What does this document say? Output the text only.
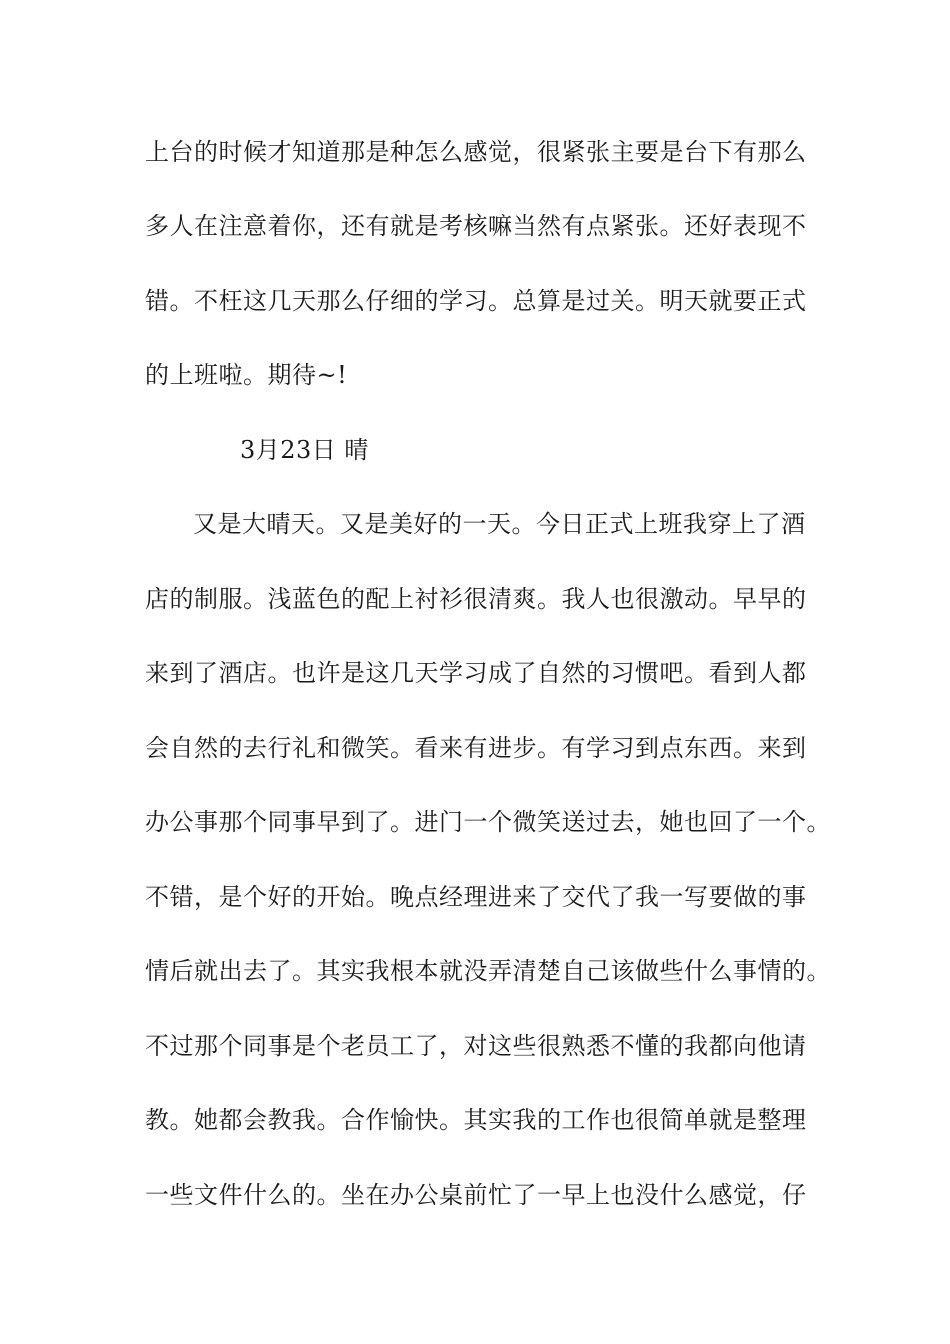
上台的时候才知道那是种怎么感觉，很紧张主要是台下有那么
多人在注意着你，还有就是考核嘛当然有点紧张。还好表现不
错。不枉这几天那么仔细的学习。总算是过关。明天就要正式
的上班啦。期待~!
3月23日 晴
又是大晴天。又是美好的一天。今日正式上班我穿上了酒
店的制服。浅蓝色的配上衬衫很清爽。我人也很激动。早早的
来到了酒店。也许是这几天学习成了自然的习惯吧。看到人都
会自然的去行礼和微笑。看来有进步。有学习到点东西。来到
办公事那个同事早到了。进门一个微笑送过去，她也回了一个。
不错，是个好的开始。晚点经理进来了交代了我一写要做的事
情后就出去了。其实我根本就没弄清楚自己该做些什么事情的。
不过那个同事是个老员工了，对这些很熟悉不懂的我都向他请
教。她都会教我。合作愉快。其实我的工作也很简单就是整理
一些文件什么的。坐在办公桌前忙了一早上也没什么感觉，仔
